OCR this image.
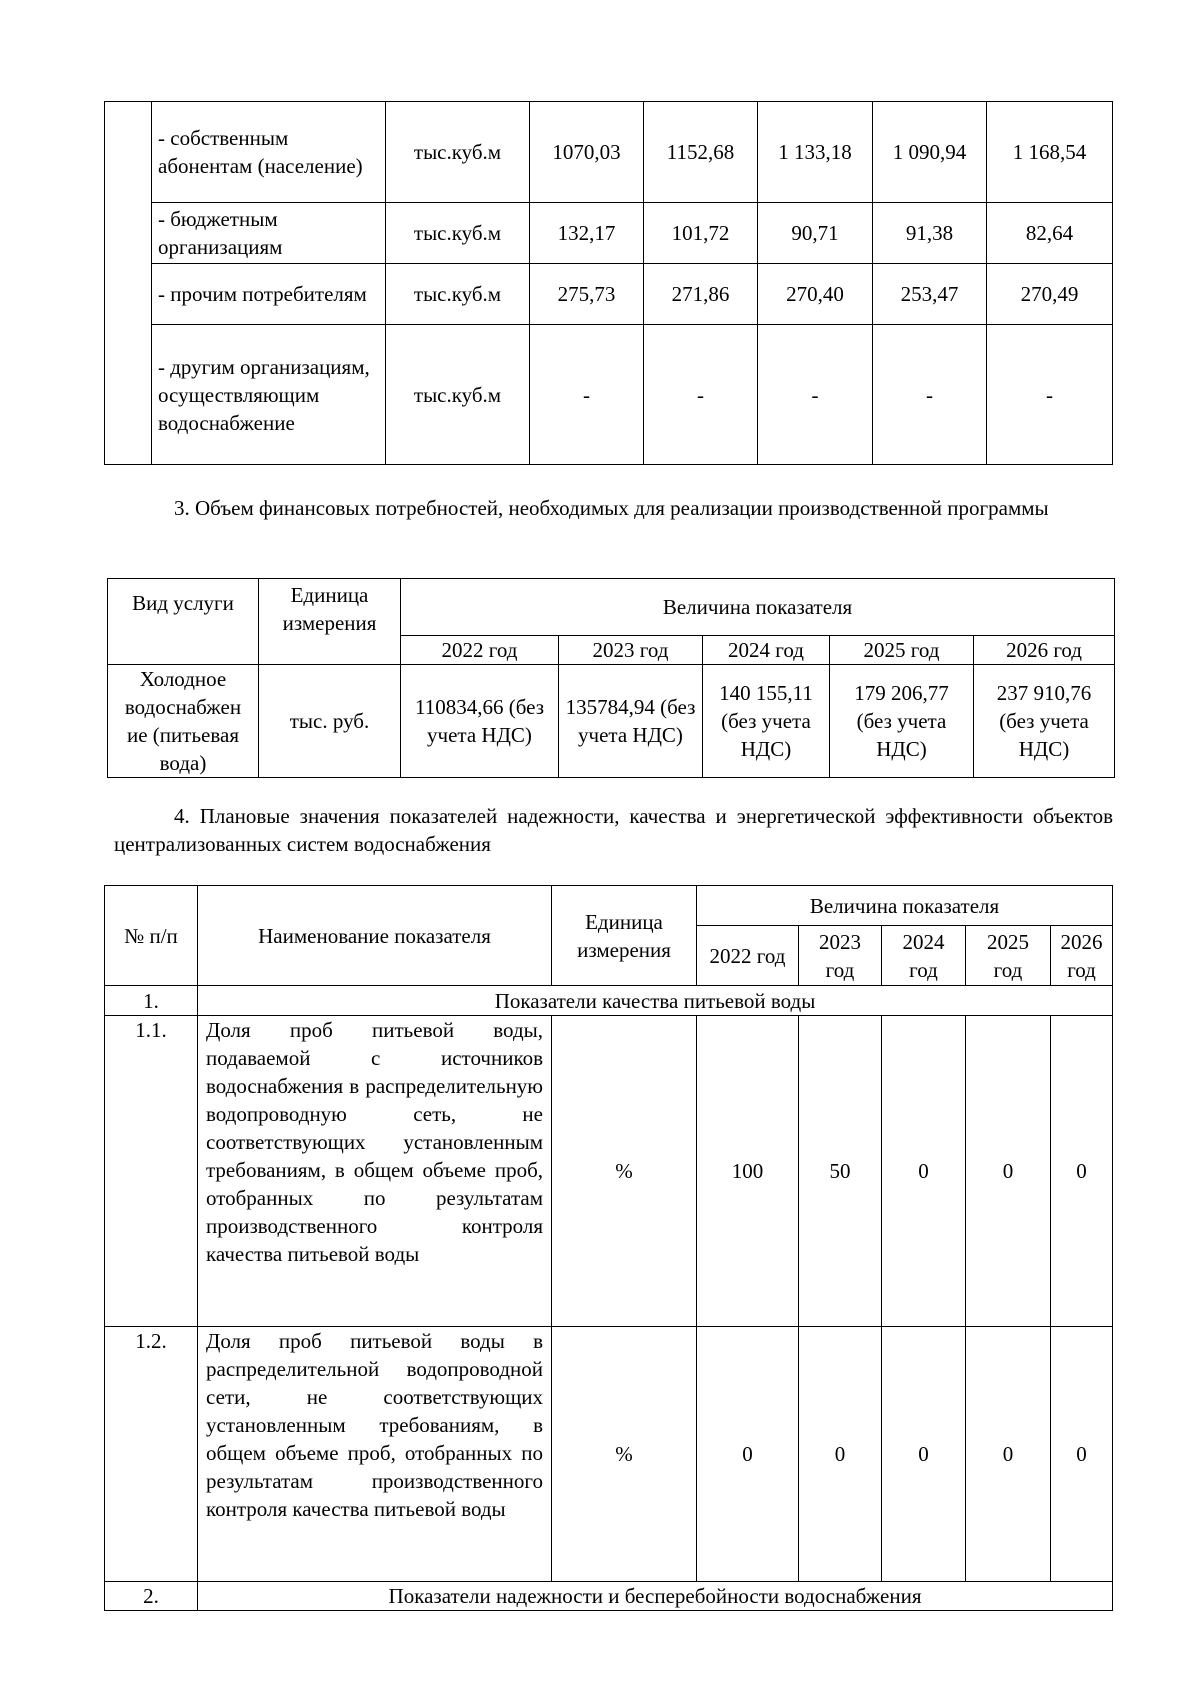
	- собственным абонентам (население)	тыс.куб.м	1070,03	1152,68	1 133,18	1 090,94	1 168,54
	- бюджетным организациям	тыс.куб.м	132,17	101,72	90,71	91,38	82,64
	- прочим потребителям	тыс.куб.м	275,73	271,86	270,40	253,47	270,49
	- другим организациям, осуществляющим водоснабжение	тыс.куб.м	-	-	-	-	-
3. Объем финансовых потребностей, необходимых для реализации производственной программы
Вид услуги	Единица измерения	Величина показателя				
		2022 год	2023 год	2024 год	2025 год	2026 год
Холодное водоснабжен ие (питьевая вода)	тыс. руб.	110834,66 (без учета НДС)	135784,94 (без учета НДС)	140 155,11 (без учета НДС)	179 206,77 (без учета НДС)	237 910,76 (без учета НДС)
4. Плановые значения показателей надежности, качества и энергетической эффективности объектов централизованных систем водоснабжения
№ п/п	Наименование показателя	Единица измерения	Величина показателя				
			2022 год	2023 год	2024 год	2025 год	2026 год
1.	Показатели качества питьевой воды						
1.1.	Доля проб питьевой воды, подаваемой с источников водоснабжения в распределительную водопроводную сеть, не соответствующих установленным требованиям, в общем объеме проб, отобранных по результатам производственного контроля качества питьевой воды	%	100	50	0	0	0
1.2.	Доля проб питьевой воды в распределительной водопроводной сети, не соответствующих установленным требованиям, в общем объеме проб, отобранных по результатам производственного контроля качества питьевой воды	%	0	0	0	0	0
2.	Показатели надежности и бесперебойности водоснабжения						
